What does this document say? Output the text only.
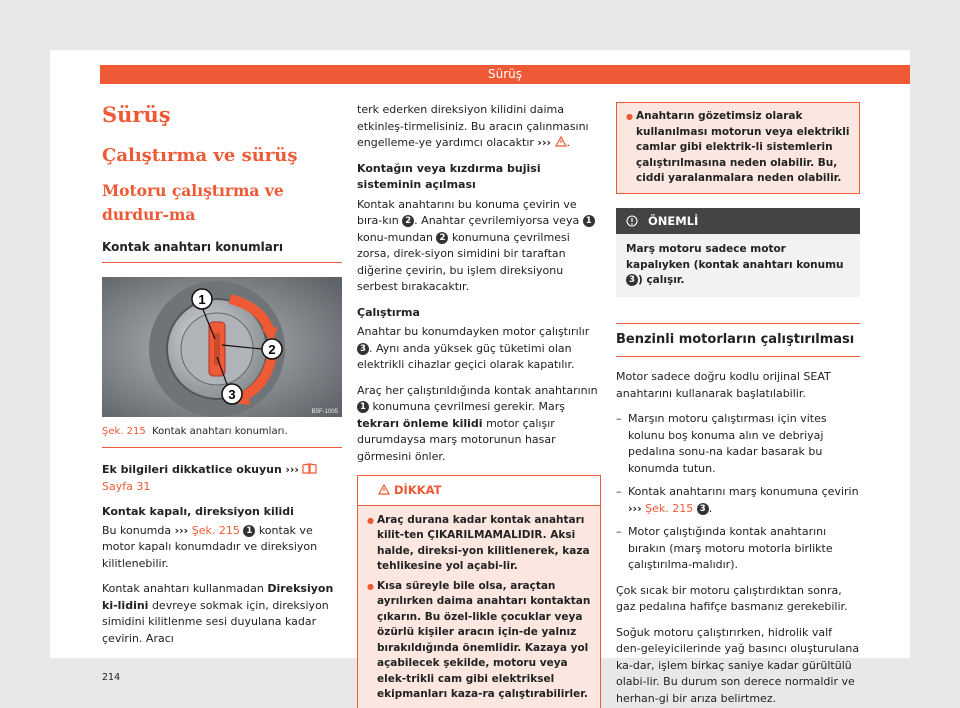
Sürüş
Sürüş
Çalıştırma ve sürüş
Motoru çalıştırma ve durdur-ma
Kontak anahtarı konumları
1
2
3
B5F-1005
Şek. 215 Kontak anahtarı konumları.

Ek bilgileri dikkatlice okuyun ›››  Sayfa 31

Kontak kapalı, direksiyon kilidi

Bu konumda ››› Şek. 215 1 kontak ve motor kapalı konumdadır ve direksiyon kilitlenebilir.

Kontak anahtarı kullanmadan Direksiyon ki-lidini devreye sokmak için, direksiyon simidini kilitlenme sesi duyulana kadar çevirin. Aracı

214

terk ederken direksiyon kilidini daima etkinleş-tirmelisiniz. Bu aracın çalınmasını engelleme-ye yardımcı olacaktır ››› .

Kontağın veya kızdırma bujisi sisteminin açılması

Kontak anahtarını bu konuma çevirin ve bıra-kın 2 . Anahtar çevrilemiyorsa veya 1 konu-mundan 2 konumuna çevrilmesi zorsa, direk-siyon simidini bir taraftan diğerine çevirin, bu işlem direksiyonu serbest bırakacaktır.

Çalıştırma

Anahtar bu konumdayken motor çalıştırılır 3 . Aynı anda yüksek güç tüketimi olan elektrikli cihazlar geçici olarak kapatılır.

Araç her çalıştırıldığında kontak anahtarının 1 konumuna çevrilmesi gerekir. Marş tekrarı önleme kilidi motor çalışır durumdaysa marş motorunun hasar görmesini önler.

DİKKAT
● Araç durana kadar kontak anahtarı kilit-ten ÇIKARILMAMALIDIR. Aksi halde, direksi-yon kilitlenerek, kaza tehlikesine yol açabi-lir.
● Kısa süreyle bile olsa, araçtan ayrılırken daima anahtarı kontaktan çıkarın. Bu özel-likle çocuklar veya özürlü kişiler aracın için-de yalnız bırakıldığında önemlidir. Kazaya yol açabilecek şekilde, motoru veya elek-trikli cam gibi elektriksel ekipmanları kaza-ra çalıştırabilirler.
● Anahtarın gözetimsiz olarak kullanılması motorun veya elektrikli camlar gibi elektrik-li sistemlerin çalıştırılmasına neden olabilir. Bu, ciddi yaralanmalara neden olabilir.
ÖNEMLİ
Marş motoru sadece motor kapalıyken (kontak anahtarı konumu 3 ) çalışır.
Benzinli motorların çalıştırılması

Motor sadece doğru kodlu orijinal SEAT anahtarını kullanarak başlatılabilir.

– Marşın motoru çalıştırması için vites kolunu boş konuma alın ve debriyaj pedalına sonu-na kadar basarak bu konumda tutun.
– Kontak anahtarını marş konumuna çevirin ››› Şek. 215 3 .
– Motor çalıştığında kontak anahtarını bırakın (marş motoru motorla birlikte çalıştırılma-malıdır).

Çok sıcak bir motoru çalıştırdıktan sonra, gaz pedalına hafifçe basmanız gerekebilir.

Soğuk motoru çalıştırırken, hidrolik valf den-geleyicilerinde yağ basıncı oluşturulana ka-dar, işlem birkaç saniye kadar gürültülü olabi-lir. Bu durum son derece normaldir ve herhan-gi bir arıza belirtmez.
